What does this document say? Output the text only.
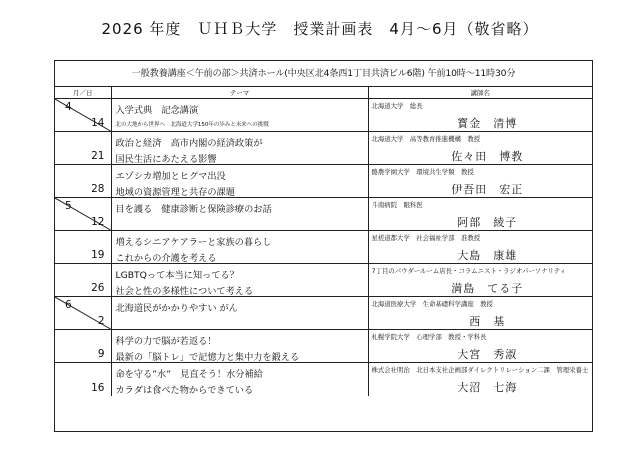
2026 年度　ＵＨＢ大学　授業計画表　4月～6月（敬省略）
一般教養講座＜午前の部＞共済ホール(中央区北4条西1丁目共済ビル6階) 午前10時～11時30分
月／日	テーマ	講師名

4
14	入学式典　記念講演
北の大地から世界へ　北海道大学150年の歩みと未来への挑戦	北海道大学　総長
寳金　清博

21	政治と経済　高市内閣の経済政策が
国民生活にあたえる影響	北海道大学　高等教育推進機構　教授
佐々田　博教

28	エゾシカ増加とヒグマ出没
地域の資源管理と共存の課題	酪農学園大学　環境共生学類　教授
伊吾田　宏正

5
12	目を護る　健康診断と保険診療のお話	斗南病院　眼科医
阿部　綾子

19	増えるシニアケアラーと家族の暮らし
これからの介護を考える	星槎道都大学　社会福祉学部　准教授
大島　康雄

26	LGBTQって本当に知ってる？
社会と性の多様性について考える	7丁目のパウダールーム店長・コラムニスト・ラジオパーソナリティ
満島　てる子

6
2	北海道民がかかりやすい がん	北海道医療大学　生命基礎科学講座　教授
西　基

9	科学の力で脳が若返る！
最新の「脳トレ」で記憶力と集中力を鍛える	札幌学院大学　心理学部　教授・学科長
大宮　秀淑

16	命を守る”水”　見直そう！水分補給
カラダは食べた物からできている	株式会社明治　北日本支社企画部ダイレクトリレーション二課　管理栄養士
大沼　七海
